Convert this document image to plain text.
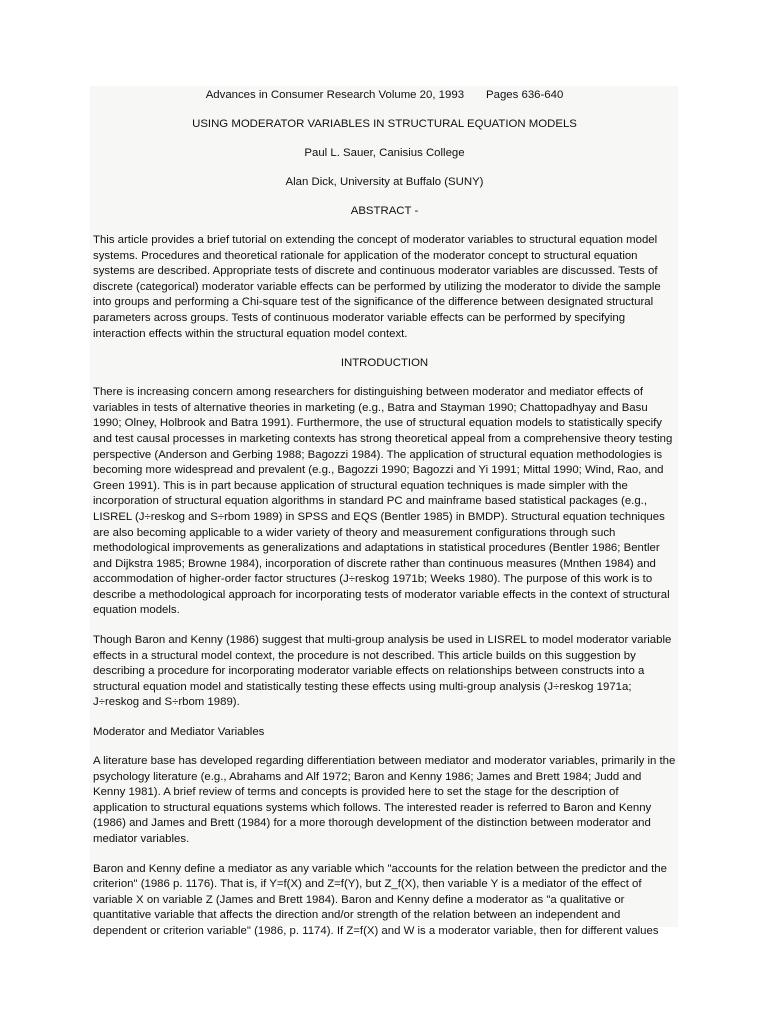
Advances in Consumer Research Volume 20, 1993 Pages 636-640
USING MODERATOR VARIABLES IN STRUCTURAL EQUATION MODELS
Paul L. Sauer, Canisius College
Alan Dick, University at Buffalo (SUNY)
ABSTRACT -

This article provides a brief tutorial on extending the concept of moderator variables to structural equation model systems. Procedures and theoretical rationale for application of the moderator concept to structural equation systems are described. Appropriate tests of discrete and continuous moderator variables are discussed. Tests of discrete (categorical) moderator variable effects can be performed by utilizing the moderator to divide the sample into groups and performing a Chi-square test of the significance of the difference between designated structural parameters across groups. Tests of continuous moderator variable effects can be performed by specifying interaction effects within the structural equation model context.

INTRODUCTION

There is increasing concern among researchers for distinguishing between moderator and mediator effects of variables in tests of alternative theories in marketing (e.g., Batra and Stayman 1990; Chattopadhyay and Basu 1990; Olney, Holbrook and Batra 1991). Furthermore, the use of structural equation models to statistically specify and test causal processes in marketing contexts has strong theoretical appeal from a comprehensive theory testing perspective (Anderson and Gerbing 1988; Bagozzi 1984). The application of structural equation methodologies is becoming more widespread and prevalent (e.g., Bagozzi 1990; Bagozzi and Yi 1991; Mittal 1990; Wind, Rao, and Green 1991). This is in part because application of structural equation techniques is made simpler with the incorporation of structural equation algorithms in standard PC and mainframe based statistical packages (e.g., LISREL (J÷reskog and S÷rbom 1989) in SPSS and EQS (Bentler 1985) in BMDP). Structural equation techniques are also becoming applicable to a wider variety of theory and measurement configurations through such methodological improvements as generalizations and adaptations in statistical procedures (Bentler 1986; Bentler and Dijkstra 1985; Browne 1984), incorporation of discrete rather than continuous measures (Mnthen 1984) and accommodation of higher-order factor structures (J÷reskog 1971b; Weeks 1980). The purpose of this work is to describe a methodological approach for incorporating tests of moderator variable effects in the context of structural equation models.

Though Baron and Kenny (1986) suggest that multi-group analysis be used in LISREL to model moderator variable effects in a structural model context, the procedure is not described. This article builds on this suggestion by describing a procedure for incorporating moderator variable effects on relationships between constructs into a structural equation model and statistically testing these effects using multi-group analysis (J÷reskog 1971a; J÷reskog and S÷rbom 1989).

Moderator and Mediator Variables

A literature base has developed regarding differentiation between mediator and moderator variables, primarily in the psychology literature (e.g., Abrahams and Alf 1972; Baron and Kenny 1986; James and Brett 1984; Judd and Kenny 1981). A brief review of terms and concepts is provided here to set the stage for the description of application to structural equations systems which follows. The interested reader is referred to Baron and Kenny (1986) and James and Brett (1984) for a more thorough development of the distinction between moderator and mediator variables.

Baron and Kenny define a mediator as any variable which "accounts for the relation between the predictor and the criterion" (1986 p. 1176). That is, if Y=f(X) and Z=f(Y), but Z_f(X), then variable Y is a mediator of the effect of variable X on variable Z (James and Brett 1984). Baron and Kenny define a moderator as "a qualitative or quantitative variable that affects the direction and/or strength of the relation between an independent and dependent or criterion variable" (1986, p. 1174). If Z=f(X) and W is a moderator variable, then for different values
